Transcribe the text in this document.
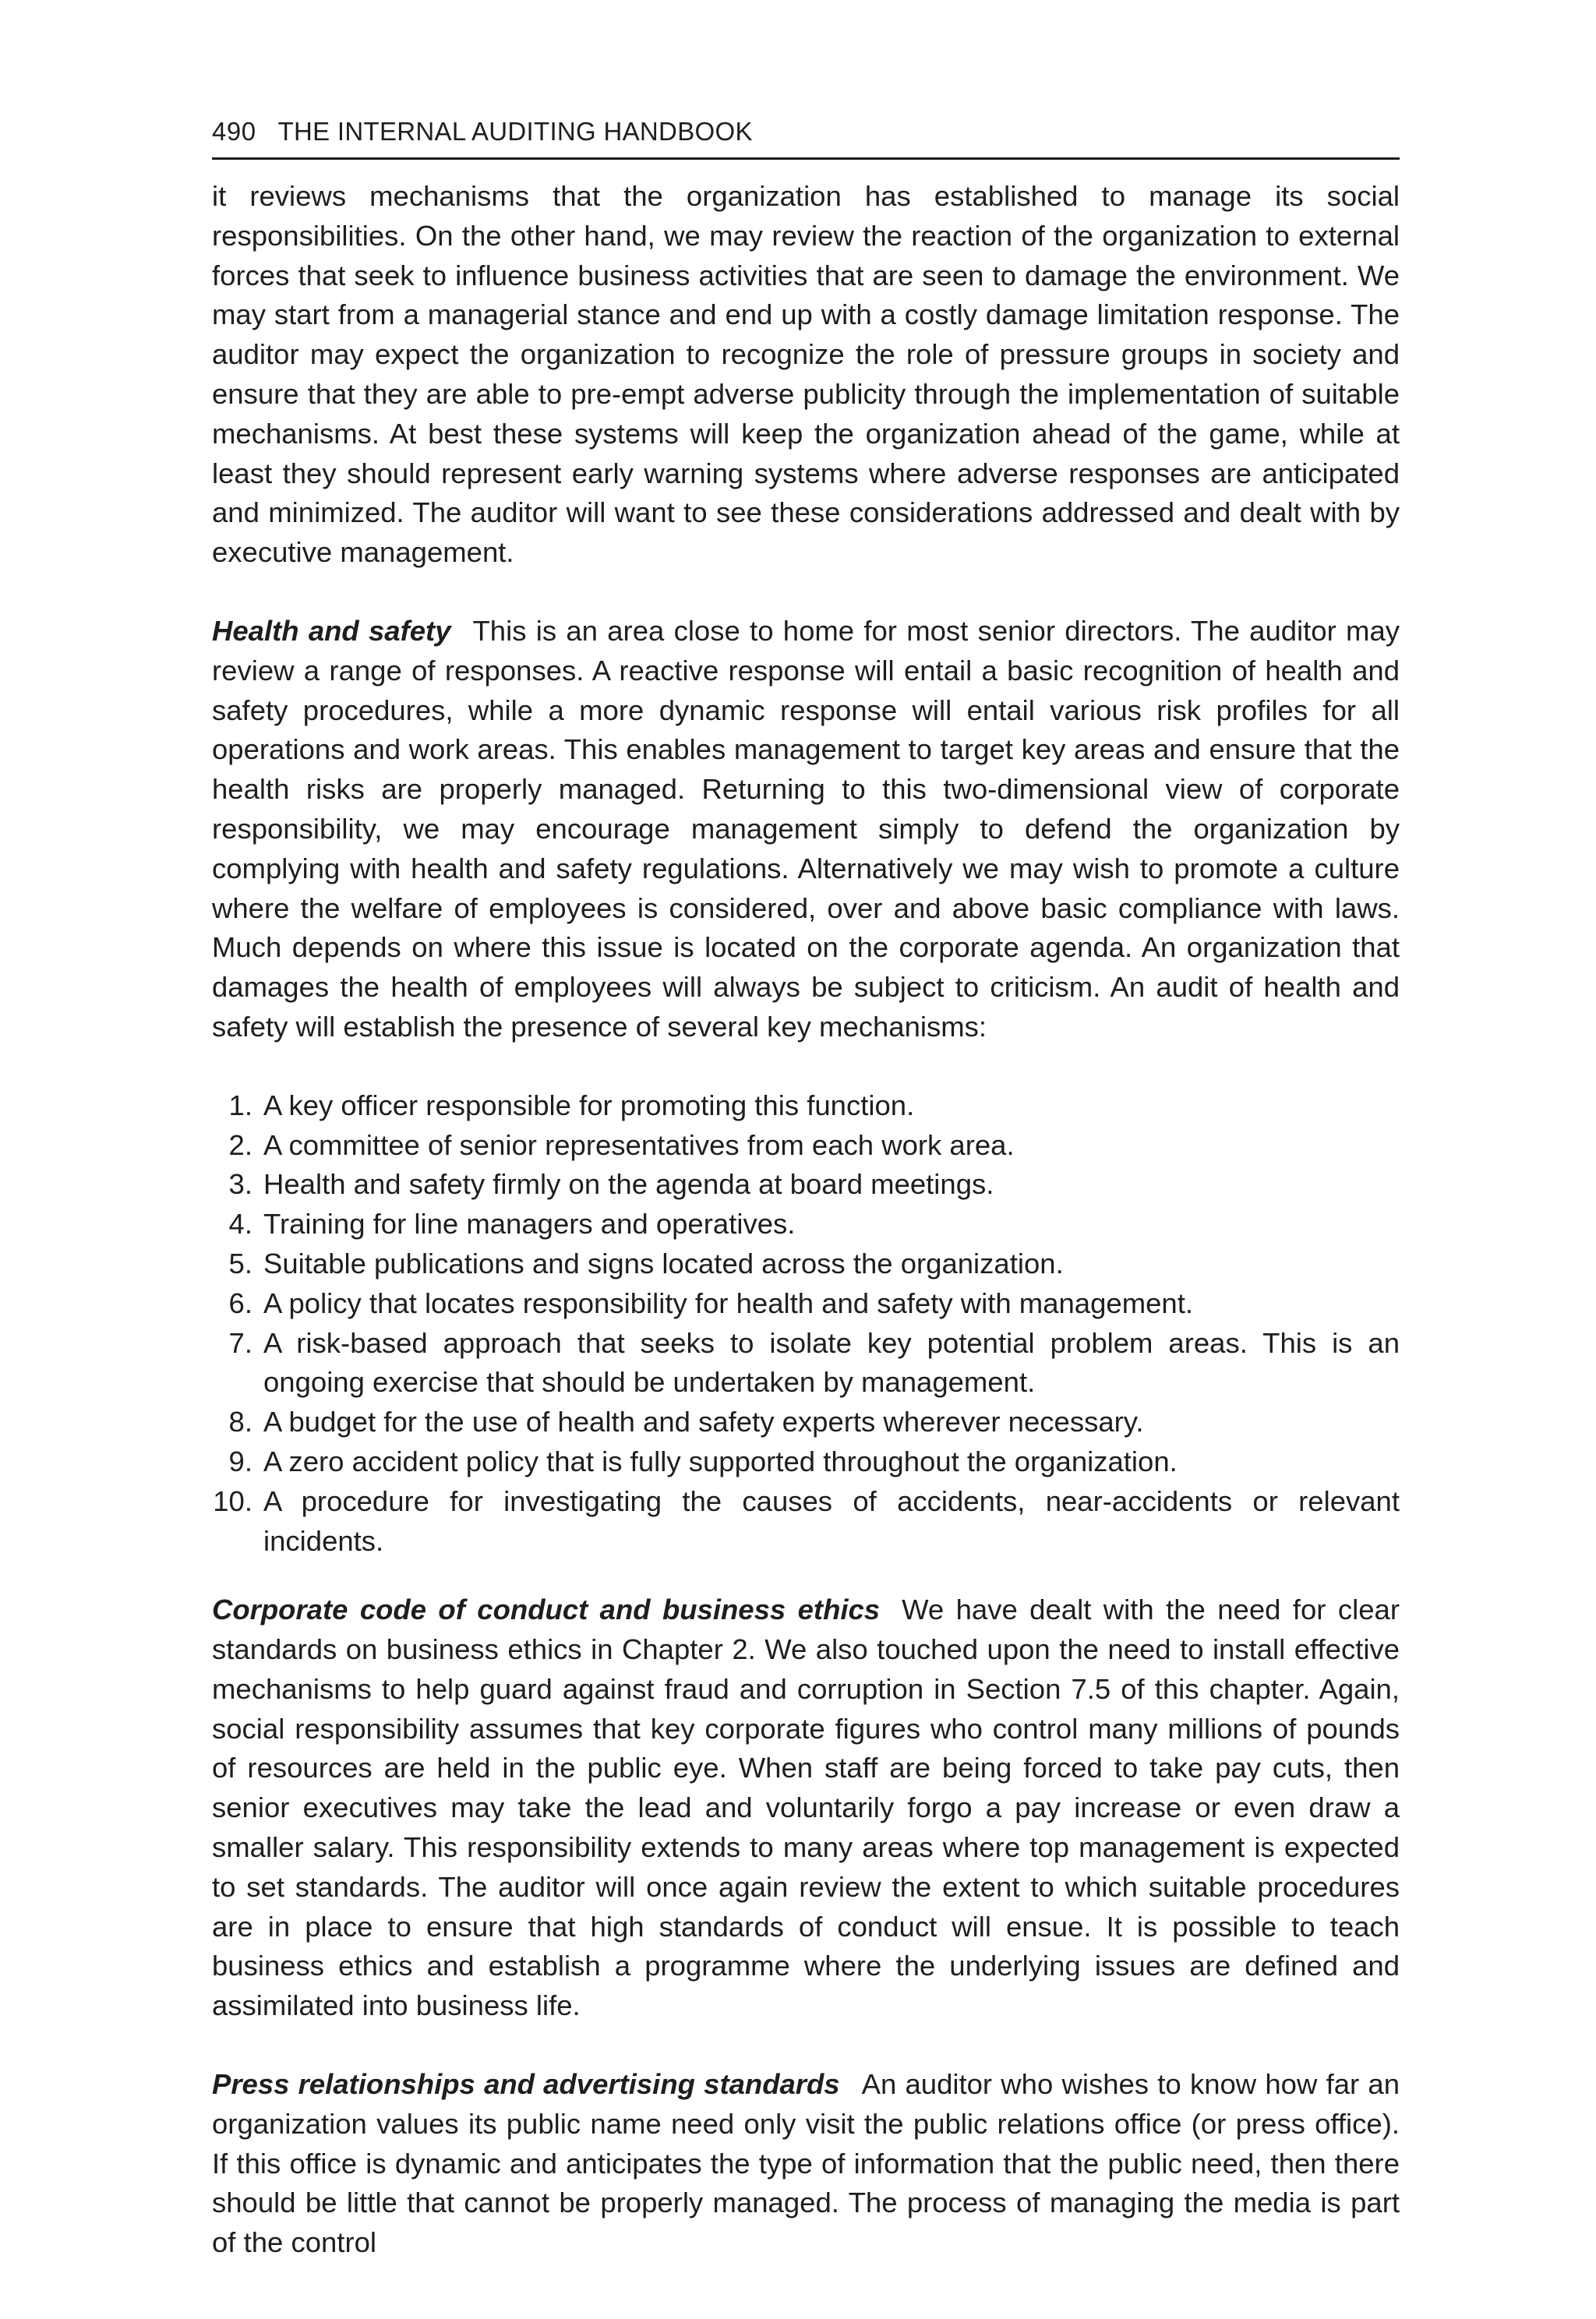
490 THE INTERNAL AUDITING HANDBOOK

it reviews mechanisms that the organization has established to manage its social responsibilities. On the other hand, we may review the reaction of the organization to external forces that seek to influence business activities that are seen to damage the environment. We may start from a managerial stance and end up with a costly damage limitation response. The auditor may expect the organization to recognize the role of pressure groups in society and ensure that they are able to pre-empt adverse publicity through the implementation of suitable mechanisms. At best these systems will keep the organization ahead of the game, while at least they should represent early warning systems where adverse responses are anticipated and minimized. The auditor will want to see these considerations addressed and dealt with by executive management.

Health and safety This is an area close to home for most senior directors. The auditor may review a range of responses. A reactive response will entail a basic recognition of health and safety procedures, while a more dynamic response will entail various risk profiles for all operations and work areas. This enables management to target key areas and ensure that the health risks are properly managed. Returning to this two-dimensional view of corporate responsibility, we may encourage management simply to defend the organization by complying with health and safety regulations. Alternatively we may wish to promote a culture where the welfare of employees is considered, over and above basic compliance with laws. Much depends on where this issue is located on the corporate agenda. An organization that damages the health of employees will always be subject to criticism. An audit of health and safety will establish the presence of several key mechanisms:

1. A key officer responsible for promoting this function.
2. A committee of senior representatives from each work area.
3. Health and safety firmly on the agenda at board meetings.
4. Training for line managers and operatives.
5. Suitable publications and signs located across the organization.
6. A policy that locates responsibility for health and safety with management.
7. A risk-based approach that seeks to isolate key potential problem areas. This is an ongoing exercise that should be undertaken by management.
8. A budget for the use of health and safety experts wherever necessary.
9. A zero accident policy that is fully supported throughout the organization.
10. A procedure for investigating the causes of accidents, near-accidents or relevant incidents.

Corporate code of conduct and business ethics We have dealt with the need for clear standards on business ethics in Chapter 2. We also touched upon the need to install effective mechanisms to help guard against fraud and corruption in Section 7.5 of this chapter. Again, social responsibility assumes that key corporate figures who control many millions of pounds of resources are held in the public eye. When staff are being forced to take pay cuts, then senior executives may take the lead and voluntarily forgo a pay increase or even draw a smaller salary. This responsibility extends to many areas where top management is expected to set standards. The auditor will once again review the extent to which suitable procedures are in place to ensure that high standards of conduct will ensue. It is possible to teach business ethics and establish a programme where the underlying issues are defined and assimilated into business life.

Press relationships and advertising standards An auditor who wishes to know how far an organization values its public name need only visit the public relations office (or press office). If this office is dynamic and anticipates the type of information that the public need, then there should be little that cannot be properly managed. The process of managing the media is part of the control
